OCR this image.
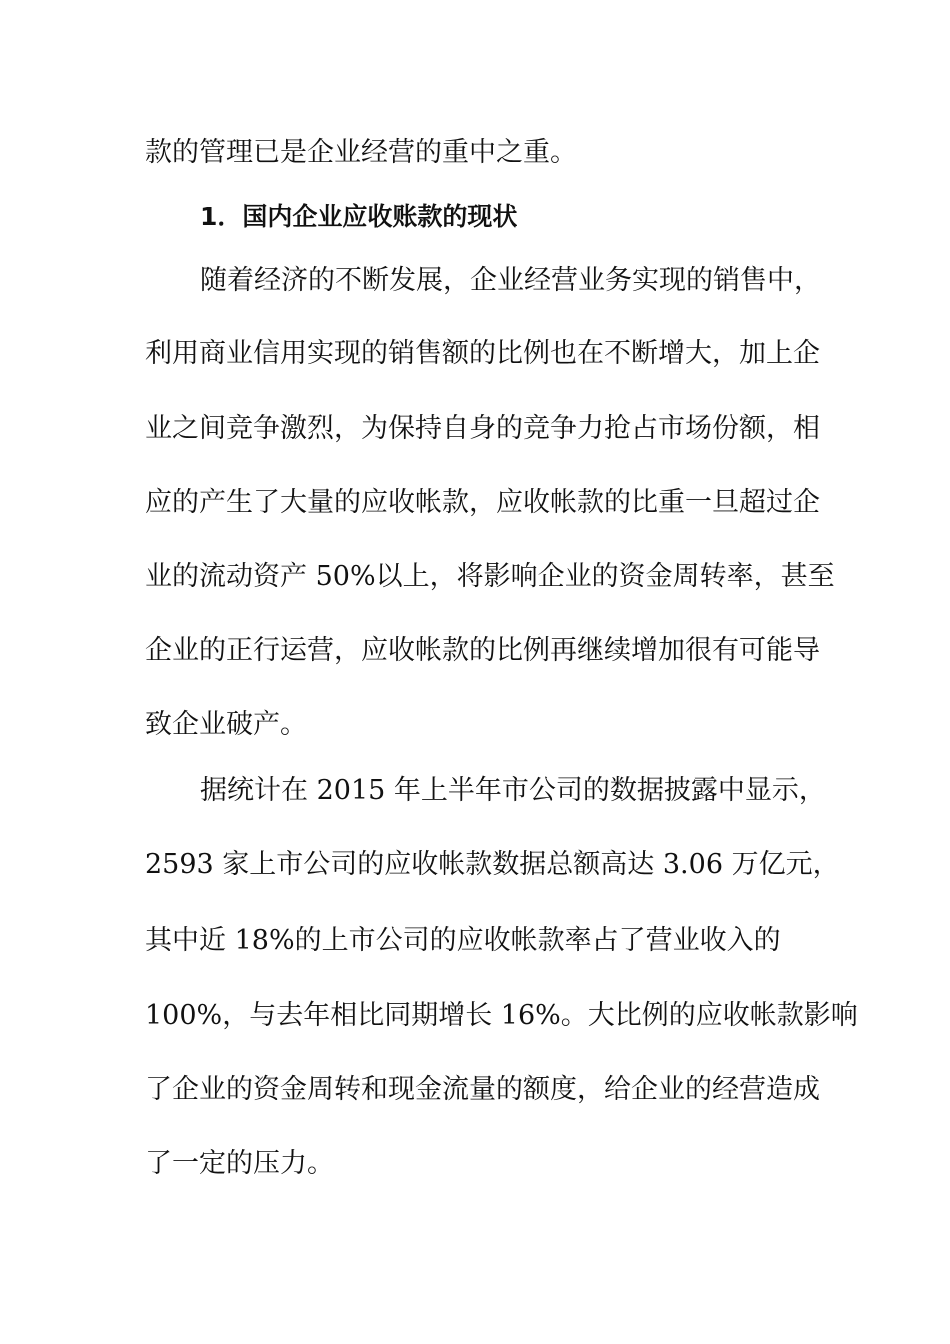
款的管理已是企业经营的重中之重。
1．国内企业应收账款的现状
随着经济的不断发展，企业经营业务实现的销售中，
利用商业信用实现的销售额的比例也在不断增大，加上企
业之间竞争激烈，为保持自身的竞争力抢占市场份额，相
应的产生了大量的应收帐款，应收帐款的比重一旦超过企
业的流动资产 50%以上，将影响企业的资金周转率，甚至
企业的正行运营，应收帐款的比例再继续增加很有可能导
致企业破产。
据统计在 2015 年上半年市公司的数据披露中显示，
2593 家上市公司的应收帐款数据总额高达 3.06 万亿元，
其中近 18%的上市公司的应收帐款率占了营业收入的
100%，与去年相比同期增长 16%。大比例的应收帐款影响
了企业的资金周转和现金流量的额度，给企业的经营造成
了一定的压力。
